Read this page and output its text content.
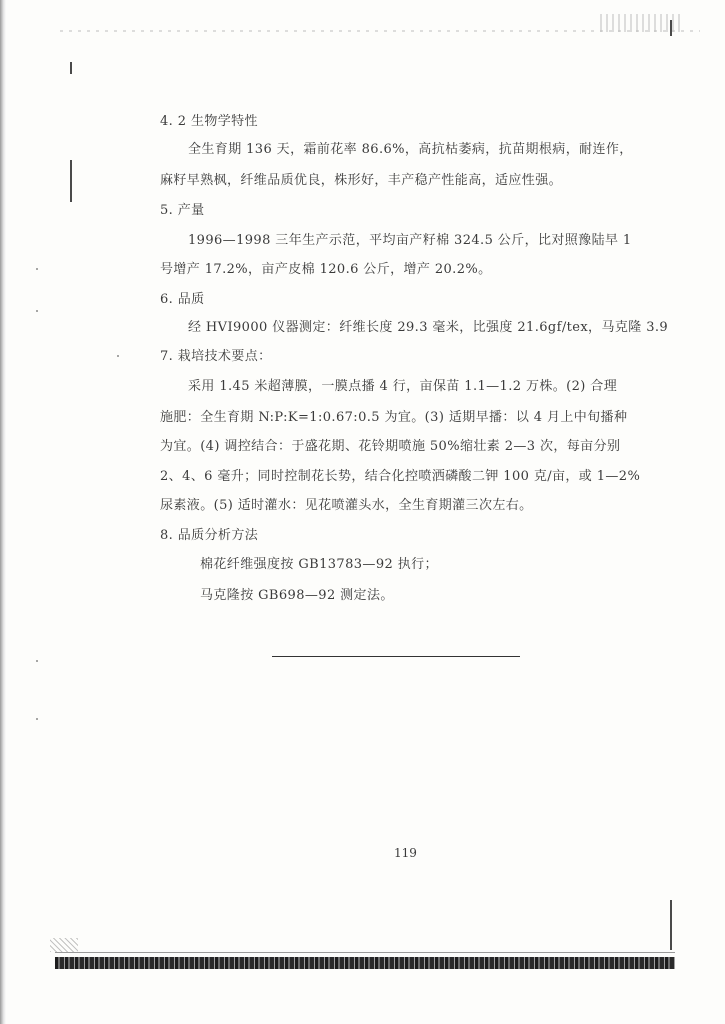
4. 2 生物学特性
全生育期 136 天，霜前花率 86.6%，高抗枯萎病，抗苗期根病，耐连作，
麻籽早熟枫，纤维品质优良，株形好，丰产稳产性能高，适应性强。
5. 产量
1996—1998 三年生产示范，平均亩产籽棉 324.5 公斤，比对照豫陆早 1
号增产 17.2%，亩产皮棉 120.6 公斤，增产 20.2%。
6. 品质
经 HVI9000 仪器测定：纤维长度 29.3 毫米，比强度 21.6gf/tex，马克隆 3.9
7. 栽培技术要点：
采用 1.45 米超薄膜，一膜点播 4 行，亩保苗 1.1—1.2 万株。(2) 合理
施肥：全生育期 N:P:K=1:0.67:0.5 为宜。(3) 适期早播：以 4 月上中旬播种
为宜。(4) 调控结合：于盛花期、花铃期喷施 50%缩壮素 2—3 次，每亩分别
2、4、6 毫升；同时控制花长势，结合化控喷洒磷酸二钾 100 克/亩，或 1—2%
尿素液。(5) 适时灌水：见花喷灌头水，全生育期灌三次左右。
8. 品质分析方法
棉花纤维强度按 GB13783—92 执行；
马克隆按 GB698—92 测定法。
119
